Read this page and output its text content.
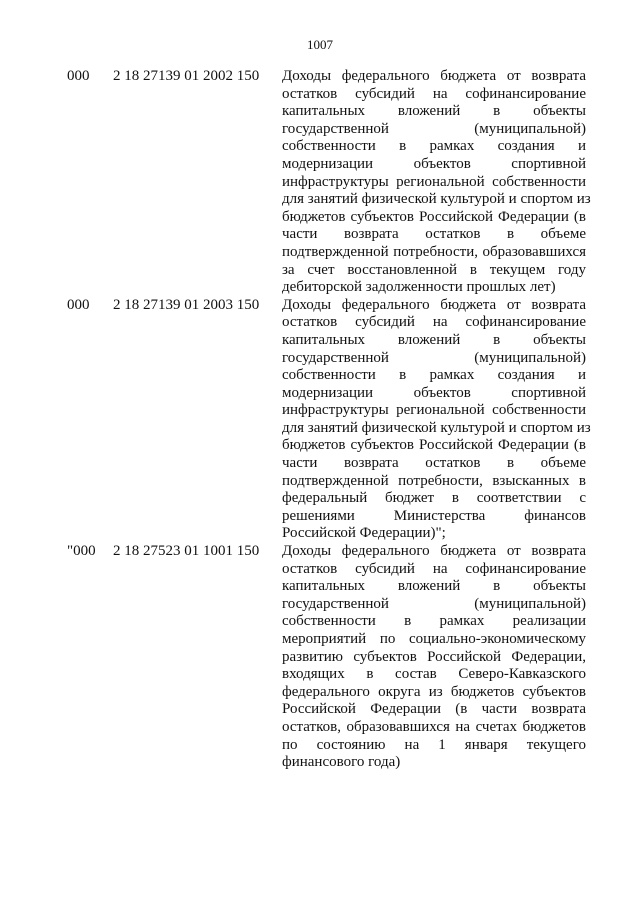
1007
000 2 18 27139 01 2002 150 Доходы федерального бюджета от возврата
остатков субсидий на софинансирование
капитальных вложений в объекты
государственной (муниципальной)
собственности в рамках создания и
модернизации объектов спортивной
инфраструктуры региональной собственности
для занятий физической культурой и спортом из
бюджетов субъектов Российской Федерации (в
части возврата остатков в объеме
подтвержденной потребности, образовавшихся
за счет восстановленной в текущем году
дебиторской задолженности прошлых лет)
000 2 18 27139 01 2003 150 Доходы федерального бюджета от возврата
остатков субсидий на софинансирование
капитальных вложений в объекты
государственной (муниципальной)
собственности в рамках создания и
модернизации объектов спортивной
инфраструктуры региональной собственности
для занятий физической культурой и спортом из
бюджетов субъектов Российской Федерации (в
части возврата остатков в объеме
подтвержденной потребности, взысканных в
федеральный бюджет в соответствии с
решениями Министерства финансов
Российской Федерации)";
"000 2 18 27523 01 1001 150 Доходы федерального бюджета от возврата
остатков субсидий на софинансирование
капитальных вложений в объекты
государственной (муниципальной)
собственности в рамках реализации
мероприятий по социально-экономическому
развитию субъектов Российской Федерации,
входящих в состав Северо-Кавказского
федерального округа из бюджетов субъектов
Российской Федерации (в части возврата
остатков, образовавшихся на счетах бюджетов
по состоянию на 1 января текущего
финансового года)
